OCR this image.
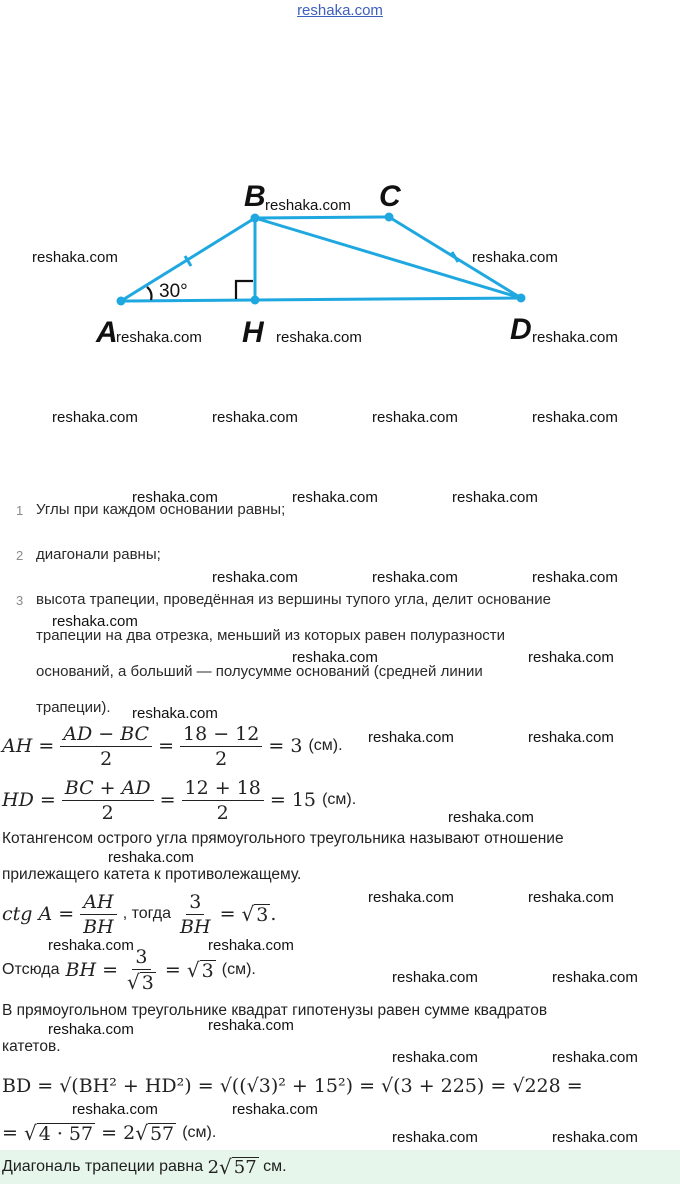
reshaka.com
B	C
A	H	D
30°
1 Углы при каждом основании равны;
2 диагонали равны;
3 высота трапеции, проведённая из вершины тупого угла, делит основание
трапеции на два отрезка, меньший из которых равен полуразности
оснований, а больший — полусумме оснований (средней линии
трапеции).
AH = $\frac{AD - BC}{2} = \frac{18 - 12}{2} = 3$
(см).
HD = $\frac{BC + AD}{2} = \frac{12 + 18}{2} = 15$
(см).
Котангенсом острого угла прямоугольного треугольника называют отношение
прилежащего катета к противолежащему.
ctg $A = \frac{AH}{BH}$ , тогда $\frac{3}{BH}$ =
√ 3 .
Отсюда
BH = $\frac{3}{√ 3}$ =
√ 3
(см).
В прямоугольном треугольнике квадрат гипотенузы равен сумме квадратов
катетов.
BD = √(BH² + HD²) = √((√3)² + 15²) = √(3 + 225) = √228 =
=
√ 4 · 57
= 2 √ 57
(см).
Диагональ трапеции равна
2 √ 57
см.
reshaka.com
reshaka.com	reshaka.com
reshaka.com	reshaka.com	reshaka.com
reshaka.com	reshaka.com	reshaka.com	reshaka.com
reshaka.com	reshaka.com	reshaka.com
reshaka.com	reshaka.com	reshaka.com
reshaka.com
reshaka.com	reshaka.com
reshaka.com
reshaka.com	reshaka.com
reshaka.com
reshaka.com
reshaka.com	reshaka.com
reshaka.com	reshaka.com
reshaka.com	reshaka.com
reshaka.com	reshaka.com
reshaka.com	reshaka.com
reshaka.com	reshaka.com
reshaka.com	reshaka.com
